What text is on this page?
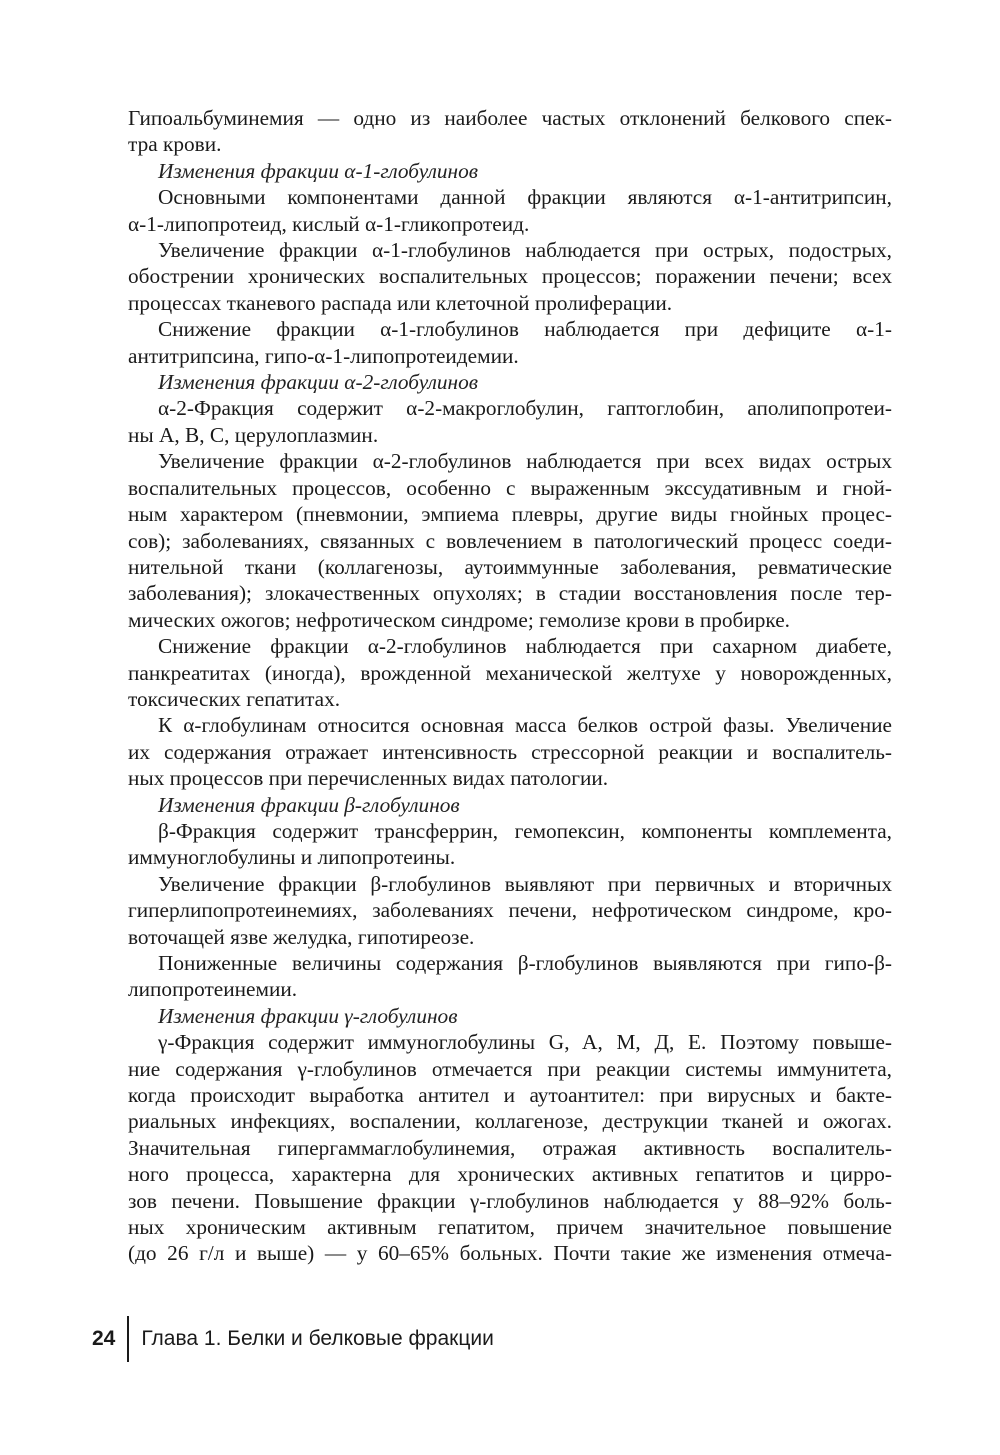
Гипоальбуминемия — одно из наиболее частых отклонений белкового спек-
тра крови.

Изменения фракции α-1-глобулинов

Основными компонентами данной фракции являются α-1-антитрипсин,
α-1-липопротеид, кислый α-1-гликопротеид.

Увеличение фракции α-1-глобулинов наблюдается при острых, подострых,
обострении хронических воспалительных процессов; поражении печени; всех
процессах тканевого распада или клеточной пролиферации.

Снижение фракции α-1-глобулинов наблюдается при дефиците α-1-
антитрипсина, гипо-α-1-липопротеидемии.

Изменения фракции α-2-глобулинов

α-2-Фракция содержит α-2-макроглобулин, гаптоглобин, аполипопротеи-
ны А, В, С, церулоплазмин.

Увеличение фракции α-2-глобулинов наблюдается при всех видах острых
воспалительных процессов, особенно с выраженным экссудативным и гной-
ным характером (пневмонии, эмпиема плевры, другие виды гнойных процес-
сов); заболеваниях, связанных с вовлечением в патологический процесс соеди-
нительной ткани (коллагенозы, аутоиммунные заболевания, ревматические
заболевания); злокачественных опухолях; в стадии восстановления после тер-
мических ожогов; нефротическом синдроме; гемолизе крови в пробирке.

Снижение фракции α-2-глобулинов наблюдается при сахарном диабете,
панкреатитах (иногда), врожденной механической желтухе у новорожденных,
токсических гепатитах.

К α-глобулинам относится основная масса белков острой фазы. Увеличение
их содержания отражает интенсивность стрессорной реакции и воспалитель-
ных процессов при перечисленных видах патологии.

Изменения фракции β-глобулинов

β-Фракция содержит трансферрин, гемопексин, компоненты комплемента,
иммуноглобулины и липопротеины.

Увеличение фракции β-глобулинов выявляют при первичных и вторичных
гиперлипопротеинемиях, заболеваниях печени, нефротическом синдроме, кро-
воточащей язве желудка, гипотиреозе.

Пониженные величины содержания β-глобулинов выявляются при гипо-β-
липопротеинемии.

Изменения фракции γ-глобулинов

γ-Фракция содержит иммуноглобулины G, A, M, Д, E. Поэтому повыше-
ние содержания γ-глобулинов отмечается при реакции системы иммунитета,
когда происходит выработка антител и аутоантител: при вирусных и бакте-
риальных инфекциях, воспалении, коллагенозе, деструкции тканей и ожогах.
Значительная гипергаммаглобулинемия, отражая активность воспалитель-
ного процесса, характерна для хронических активных гепатитов и цирро-
зов печени. Повышение фракции γ-глобулинов наблюдается у 88–92% боль-
ных хроническим активным гепатитом, причем значительное повышение
(до 26 г/л и выше) — у 60–65% больных. Почти такие же изменения отмеча-

24	Глава 1. Белки и белковые фракции
